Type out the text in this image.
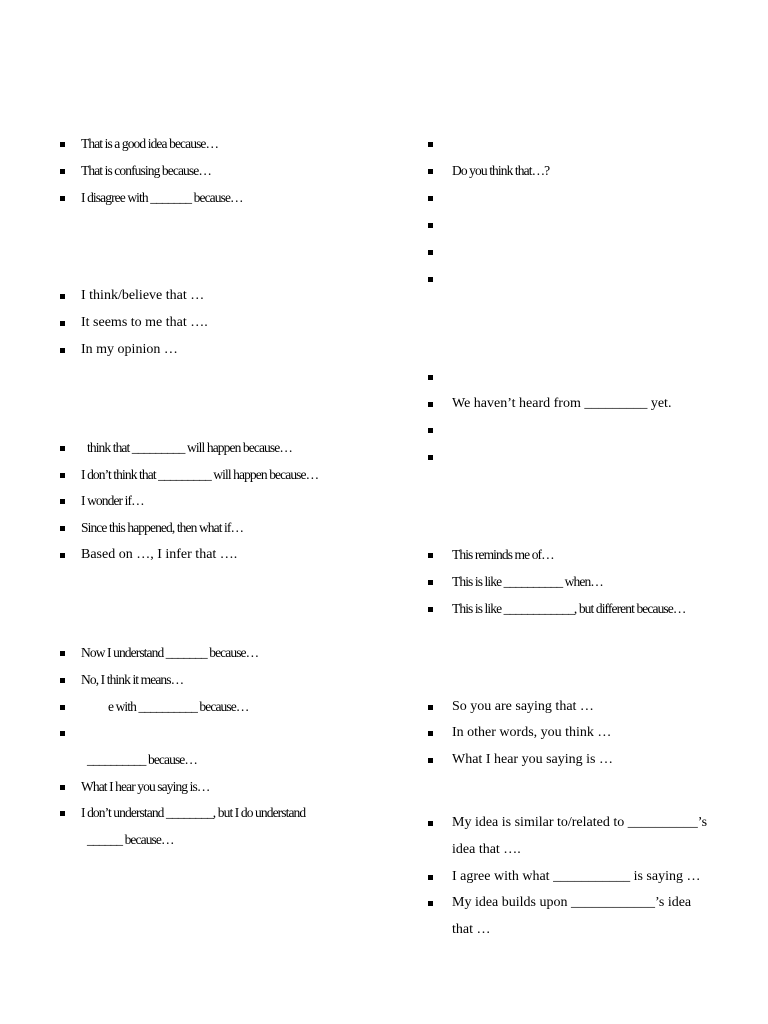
That is a good idea because…
That is confusing because…
I disagree with _______ because…
I think/believe that …
It seems to me that ….
In my opinion …
think that _________ will happen because…
I don’t think that _________ will happen because…
I wonder if…
Since this happened, then what if…
Based on …, I infer that ….
Now I understand _______ because…
No, I think it means…
e with __________ because…
__________ because…
What I hear you saying is…
I don’t understand ________, but I do understand
______ because…
Do you think that…?
We haven’t heard from _________ yet.
This reminds me of…
This is like __________ when…
This is like ____________, but different because…
So you are saying that …
In other words, you think …
What I hear you saying is …
My idea is similar to/related to __________’s
idea that ….
I agree with what ___________ is saying …
My idea builds upon ____________’s idea
that …
